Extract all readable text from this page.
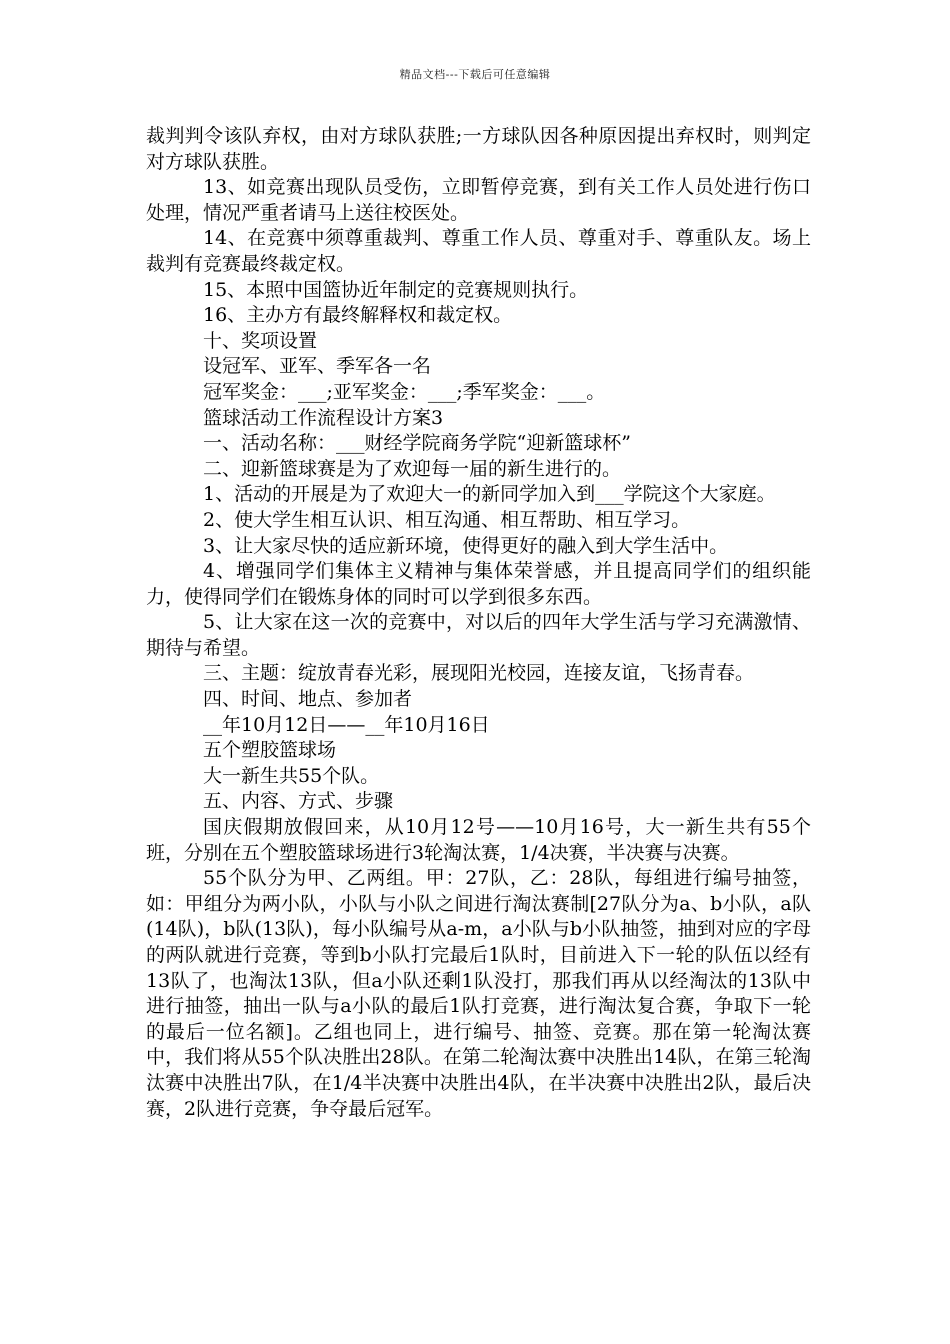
精品文档---下载后可任意编辑

裁判判令该队弃权，由对方球队获胜;一方球队因各种原因提出弃权时，则判定对方球队获胜。

13、如竞赛出现队员受伤，立即暂停竞赛，到有关工作人员处进行伤口处理，情况严重者请马上送往校医处。

14、在竞赛中须尊重裁判、尊重工作人员、尊重对手、尊重队友。场上裁判有竞赛最终裁定权。

15、本照中国篮协近年制定的竞赛规则执行。

16、主办方有最终解释权和裁定权。

十、奖项设置

设冠军、亚军、季军各一名

冠军奖金：___;亚军奖金：___;季军奖金：___。

篮球活动工作流程设计方案3

一、活动名称：___财经学院商务学院“迎新篮球杯”

二、迎新篮球赛是为了欢迎每一届的新生进行的。

1、活动的开展是为了欢迎大一的新同学加入到___学院这个大家庭。

2、使大学生相互认识、相互沟通、相互帮助、相互学习。

3、让大家尽快的适应新环境，使得更好的融入到大学生活中。

4、增强同学们集体主义精神与集体荣誉感，并且提高同学们的组织能力，使得同学们在锻炼身体的同时可以学到很多东西。

5、让大家在这一次的竞赛中，对以后的四年大学生活与学习充满激情、期待与希望。

三、主题：绽放青春光彩，展现阳光校园，连接友谊，飞扬青春。

四、时间、地点、参加者

__年10月12日——__年10月16日

五个塑胶篮球场

大一新生共55个队。

五、内容、方式、步骤

国庆假期放假回来，从10月12号——10月16号，大一新生共有55个班，分别在五个塑胶篮球场进行3轮淘汰赛，1/4决赛，半决赛与决赛。

55个队分为甲、乙两组。甲：27队，乙：28队，每组进行编号抽签，如：甲组分为两小队，小队与小队之间进行淘汰赛制[27队分为a、b小队，a队(14队)，b队(13队)，每小队编号从a-m，a小队与b小队抽签，抽到对应的字母的两队就进行竞赛，等到b小队打完最后1队时，目前进入下一轮的队伍以经有13队了，也淘汰13队，但a小队还剩1队没打，那我们再从以经淘汰的13队中进行抽签，抽出一队与a小队的最后1队打竞赛，进行淘汰复合赛，争取下一轮的最后一位名额]。乙组也同上，进行编号、抽签、竞赛。那在第一轮淘汰赛中，我们将从55个队决胜出28队。在第二轮淘汰赛中决胜出14队，在第三轮淘汰赛中决胜出7队，在1/4半决赛中决胜出4队，在半决赛中决胜出2队，最后决赛，2队进行竞赛，争夺最后冠军。
